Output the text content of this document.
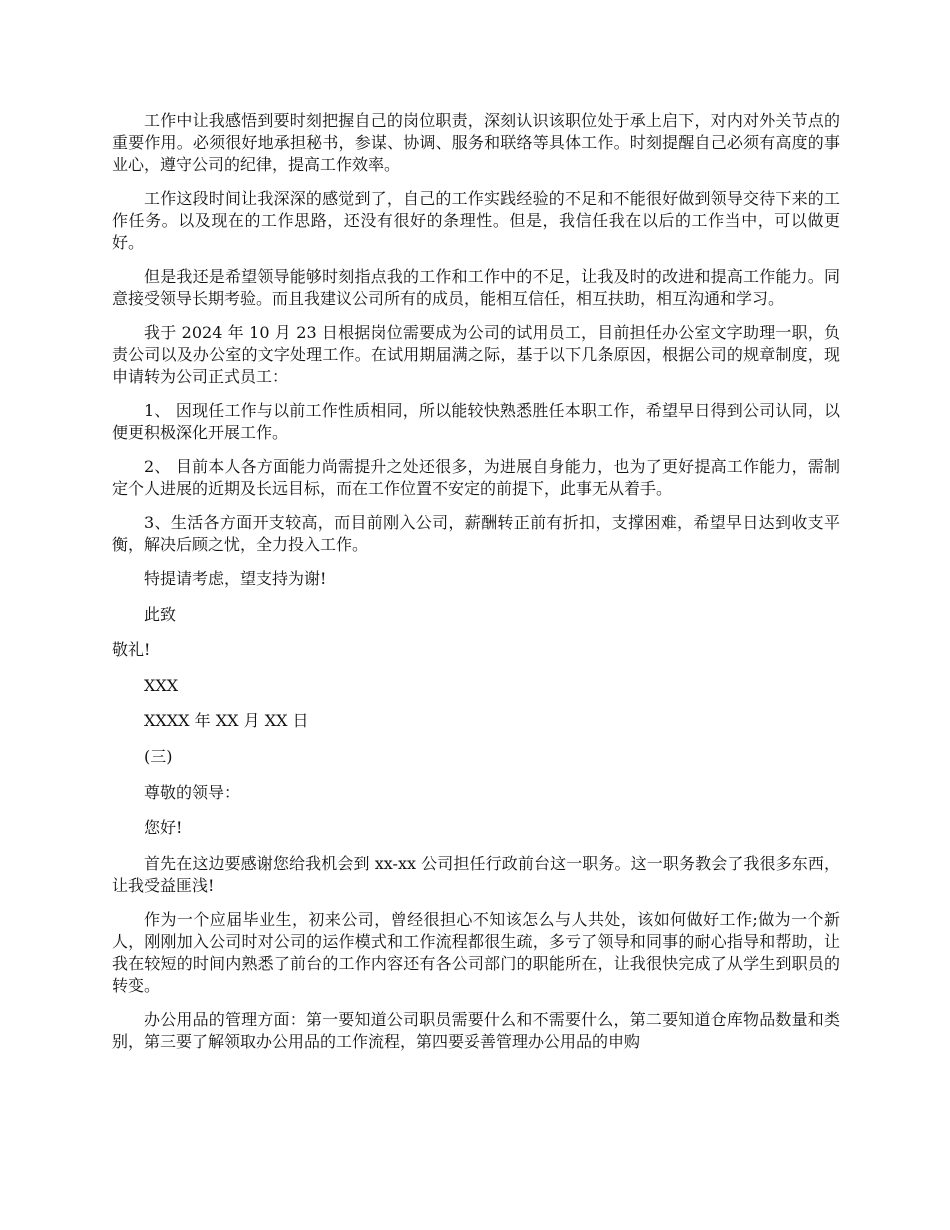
工作中让我感悟到要时刻把握自己的岗位职责，深刻认识该职位处于承上启下，对内对外关节点的重要作用。必须很好地承担秘书，参谋、协调、服务和联络等具体工作。时刻提醒自己必须有高度的事业心，遵守公司的纪律，提高工作效率。

工作这段时间让我深深的感觉到了，自己的工作实践经验的不足和不能很好做到领导交待下来的工作任务。以及现在的工作思路，还没有很好的条理性。但是，我信任我在以后的工作当中，可以做更好。

但是我还是希望领导能够时刻指点我的工作和工作中的不足，让我及时的改进和提高工作能力。同意接受领导长期考验。而且我建议公司所有的成员，能相互信任，相互扶助，相互沟通和学习。

我于 2024 年 10 月 23 日根据岗位需要成为公司的试用员工，目前担任办公室文字助理一职，负责公司以及办公室的文字处理工作。在试用期届满之际，基于以下几条原因，根据公司的规章制度，现申请转为公司正式员工：

1、 因现任工作与以前工作性质相同，所以能较快熟悉胜任本职工作，希望早日得到公司认同，以便更积极深化开展工作。

2、 目前本人各方面能力尚需提升之处还很多，为进展自身能力，也为了更好提高工作能力，需制定个人进展的近期及长远目标，而在工作位置不安定的前提下，此事无从着手。

3、生活各方面开支较高，而目前刚入公司，薪酬转正前有折扣，支撑困难，希望早日达到收支平衡，解决后顾之忧，全力投入工作。

特提请考虑，望支持为谢!

此致

敬礼!

XXX

XXXX 年 XX 月 XX 日

(三)

尊敬的领导：

您好!

首先在这边要感谢您给我机会到 xx-xx 公司担任行政前台这一职务。这一职务教会了我很多东西，让我受益匪浅!

作为一个应届毕业生，初来公司，曾经很担心不知该怎么与人共处，该如何做好工作;做为一个新人，刚刚加入公司时对公司的运作模式和工作流程都很生疏，多亏了领导和同事的耐心指导和帮助，让我在较短的时间内熟悉了前台的工作内容还有各公司部门的职能所在，让我很快完成了从学生到职员的转变。

办公用品的管理方面：第一要知道公司职员需要什么和不需要什么，第二要知道仓库物品数量和类别，第三要了解领取办公用品的工作流程，第四要妥善管理办公用品的申购
